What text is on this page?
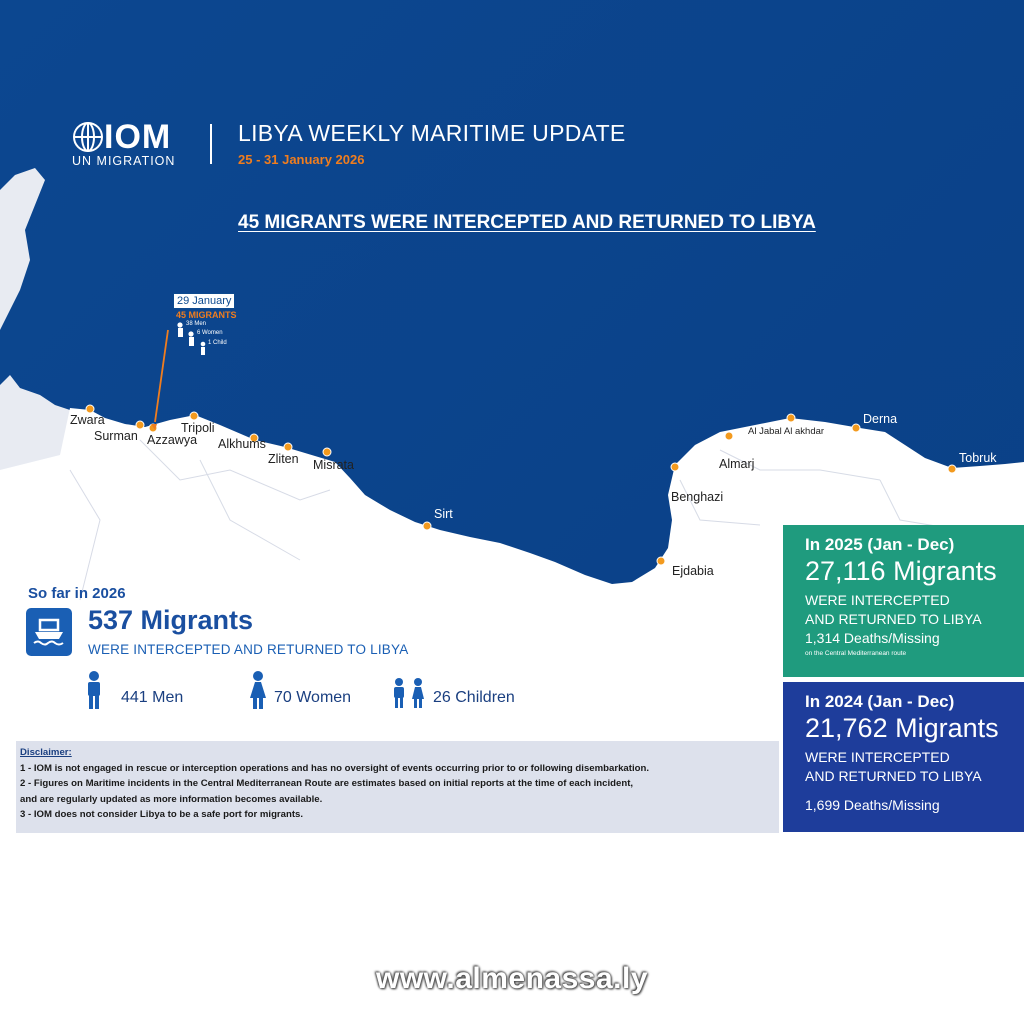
IOM
UN MIGRATION
LIBYA WEEKLY MARITIME UPDATE
25 - 31 January 2026
45 MIGRANTS WERE INTERCEPTED AND RETURNED TO LIBYA
Zwara
Surman Azzawya
Tripoli
Alkhums
Zliten Misrata
Sirt
Ejdabia
Benghazi
Almarj
Al Jabal Al akhdar
Derna
Tobruk
29 January
45 MIGRANTS
38 Men
6 Women
1 Child
So far in 2026
537 Migrants
WERE INTERCEPTED AND RETURNED TO LIBYA
441 Men	70 Women	26 Children
Disclaimer:

1 - IOM is not engaged in rescue or interception operations and has no oversight of events occurring prior to or following disembarkation.

2 - Figures on Maritime incidents in the Central Mediterranean Route are estimates based on initial reports at the time of each incident,

and are regularly updated as more information becomes available.

3 - IOM does not consider Libya to be a safe port for migrants.

In 2025 (Jan - Dec)
27,116 Migrants
WERE INTERCEPTED
AND RETURNED TO LIBYA
1,314 Deaths/Missing
on the Central Mediterranean route
In 2024 (Jan - Dec)
21,762 Migrants
WERE INTERCEPTED
AND RETURNED TO LIBYA
1,699 Deaths/Missing
www.almenassa.ly
